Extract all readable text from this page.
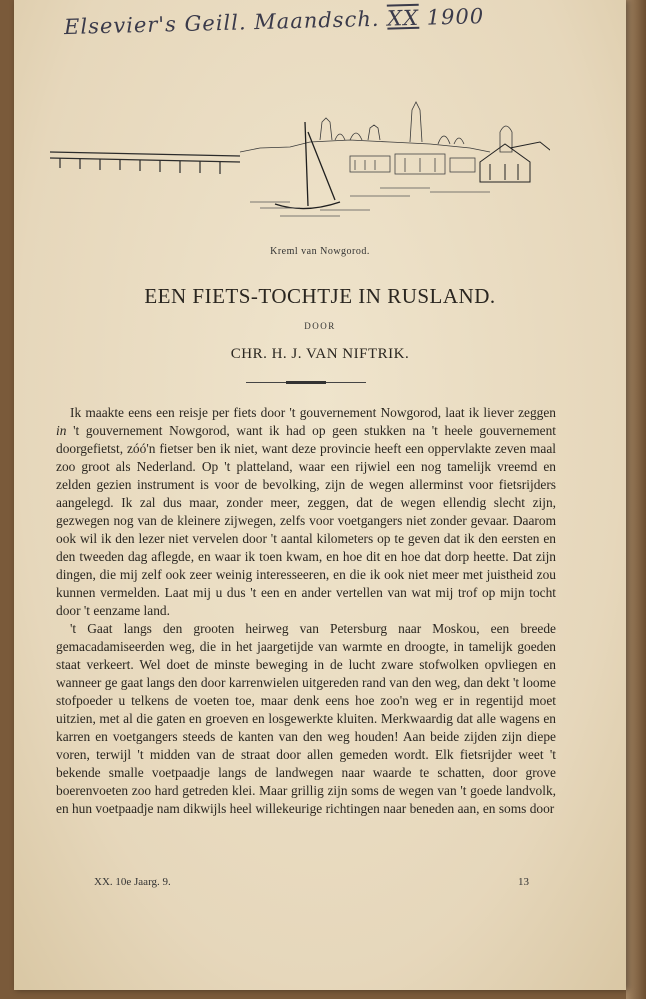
Elsevier's Geill. Maandsch. XX 1900
Kreml van Nowgorod.
EEN FIETS-TOCHTJE IN RUSLAND.
DOOR
CHR. H. J. VAN NIFTRIK.

Ik maakte eens een reisje per fiets door 't gouvernement Nowgorod, laat ik liever zeggen in 't gouvernement Nowgorod, want ik had op geen stukken na 't heele gouvernement doorgefietst, zóó'n fietser ben ik niet, want deze provincie heeft een oppervlakte zeven maal zoo groot als Nederland. Op 't platteland, waar een rijwiel een nog tamelijk vreemd en zelden gezien instrument is voor de bevolking, zijn de wegen allerminst voor fietsrijders aangelegd. Ik zal dus maar, zonder meer, zeggen, dat de wegen ellendig slecht zijn, gezwegen nog van de kleinere zijwegen, zelfs voor voetgangers niet zonder gevaar. Daarom ook wil ik den lezer niet vervelen door 't aantal kilometers op te geven dat ik den eersten en den tweeden dag aflegde, en waar ik toen kwam, en hoe dit en hoe dat dorp heette. Dat zijn dingen, die mij zelf ook zeer weinig interesseeren, en die ik ook niet meer met juistheid zou kunnen vermelden. Laat mij u dus 't een en ander vertellen van wat mij trof op mijn tocht door 't eenzame land.

't Gaat langs den grooten heirweg van Petersburg naar Moskou, een breede gemacadamiseerden weg, die in het jaargetijde van warmte en droogte, in tamelijk goeden staat verkeert. Wel doet de minste beweging in de lucht zware stofwolken opvliegen en wanneer ge gaat langs den door karrenwielen uitgereden rand van den weg, dan dekt 't loome stofpoeder u telkens de voeten toe, maar denk eens hoe zoo'n weg er in regentijd moet uitzien, met al die gaten en groeven en losgewerkte kluiten. Merkwaardig dat alle wagens en karren en voetgangers steeds de kanten van den weg houden! Aan beide zijden zijn diepe voren, terwijl 't midden van de straat door allen gemeden wordt. Elk fietsrijder weet 't bekende smalle voetpaadje langs de landwegen naar waarde te schatten, door grove boerenvoeten zoo hard getreden klei. Maar grillig zijn soms de wegen van 't goede landvolk, en hun voetpaadje nam dikwijls heel willekeurige richtingen naar beneden aan, en soms door

XX. 10e Jaarg. 9.	13
